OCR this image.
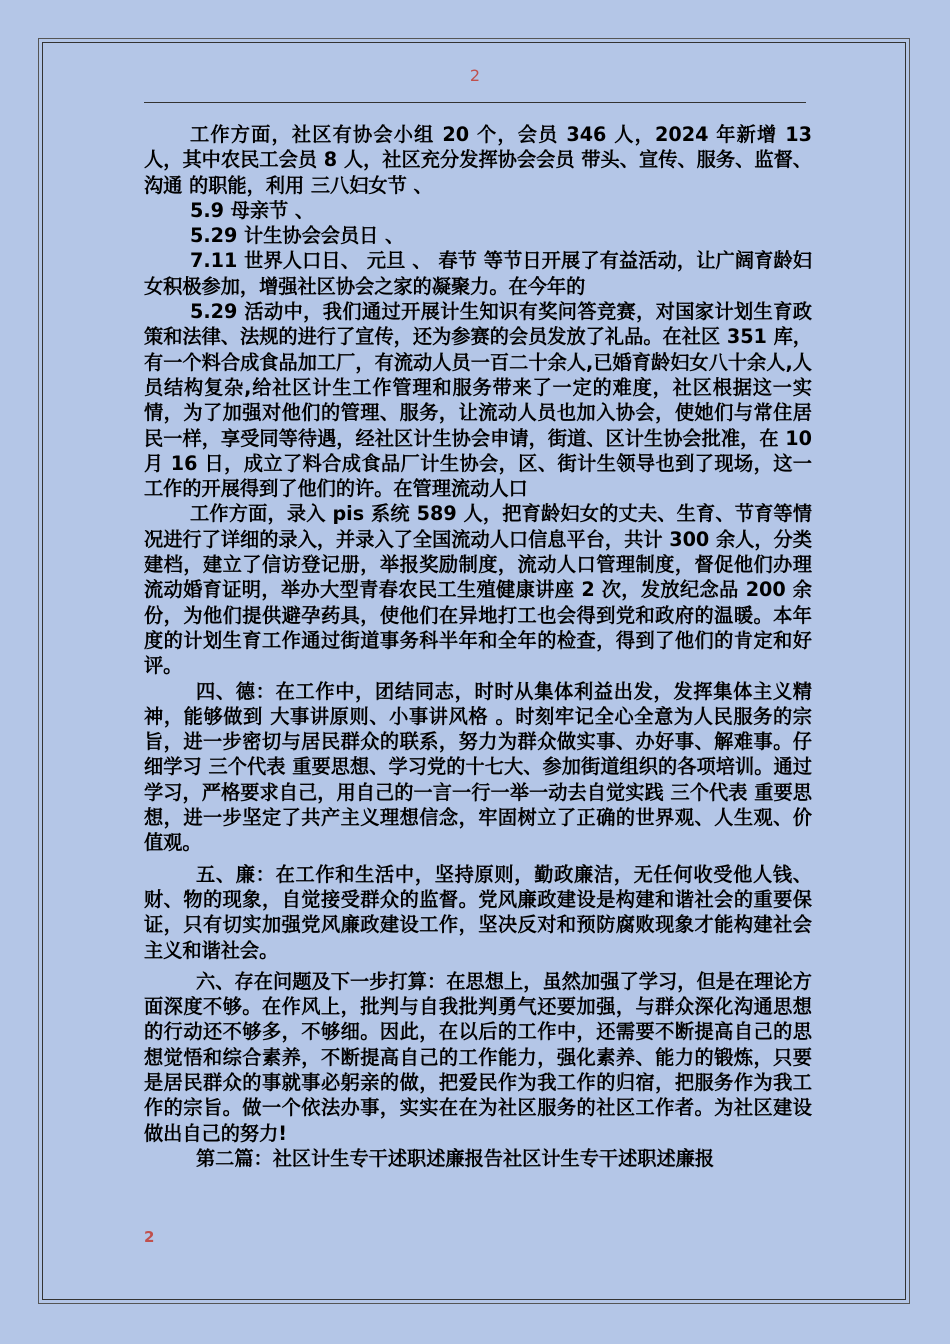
2

工作方面，社区有协会小组 20 个，会员 346 人，2024 年新增 13 人，其中农民工会员 8 人，社区充分发挥协会会员 带头、宣传、服务、监督、沟通 的职能，利用 三八妇女节 、

5.9 母亲节 、

5.29 计生协会会员日 、

7.11 世界人口日、 元旦 、 春节 等节日开展了有益活动，让广阔育龄妇女积极参加，增强社区协会之家的凝聚力。在今年的

5.29 活动中，我们通过开展计生知识有奖问答竞赛，对国家计划生育政策和法律、法规的进行了宣传，还为参赛的会员发放了礼品。在社区 351 库，有一个料合成食品加工厂，有流动人员一百二十余人,已婚育龄妇女八十余人,人员结构复杂,给社区计生工作管理和服务带来了一定的难度，社区根据这一实情，为了加强对他们的管理、服务，让流动人员也加入协会，使她们与常住居民一样，享受同等待遇，经社区计生协会申请，街道、区计生协会批准，在 10 月 16 日，成立了料合成食品厂计生协会，区、街计生领导也到了现场，这一工作的开展得到了他们的许。在管理流动人口

工作方面，录入 pis 系统 589 人，把育龄妇女的丈夫、生育、节育等情况进行了详细的录入，并录入了全国流动人口信息平台，共计 300 余人，分类建档，建立了信访登记册，举报奖励制度，流动人口管理制度，督促他们办理流动婚育证明，举办大型青春农民工生殖健康讲座 2 次，发放纪念品 200 余份，为他们提供避孕药具，使他们在异地打工也会得到党和政府的温暖。本年度的计划生育工作通过街道事务科半年和全年的检查，得到了他们的肯定和好评。

四、德：在工作中，团结同志，时时从集体利益出发，发挥集体主义精神，能够做到 大事讲原则、小事讲风格 。时刻牢记全心全意为人民服务的宗旨，进一步密切与居民群众的联系，努力为群众做实事、办好事、解难事。仔细学习 三个代表 重要思想、学习党的十七大、参加街道组织的各项培训。通过学习，严格要求自己，用自己的一言一行一举一动去自觉实践 三个代表 重要思想，进一步坚定了共产主义理想信念，牢固树立了正确的世界观、人生观、价值观。

五、廉：在工作和生活中，坚持原则，勤政廉洁，无任何收受他人钱、财、物的现象，自觉接受群众的监督。党风廉政建设是构建和谐社会的重要保证，只有切实加强党风廉政建设工作，坚决反对和预防腐败现象才能构建社会主义和谐社会。

六、存在问题及下一步打算：在思想上，虽然加强了学习，但是在理论方面深度不够。在作风上，批判与自我批判勇气还要加强，与群众深化沟通思想的行动还不够多，不够细。因此，在以后的工作中，还需要不断提高自己的思想觉悟和综合素养，不断提高自己的工作能力，强化素养、能力的锻炼，只要是居民群众的事就事必躬亲的做，把爱民作为我工作的归宿，把服务作为我工作的宗旨。做一个依法办事，实实在在为社区服务的社区工作者。为社区建设做出自己的努力!

第二篇：社区计生专干述职述廉报告社区计生专干述职述廉报

2
